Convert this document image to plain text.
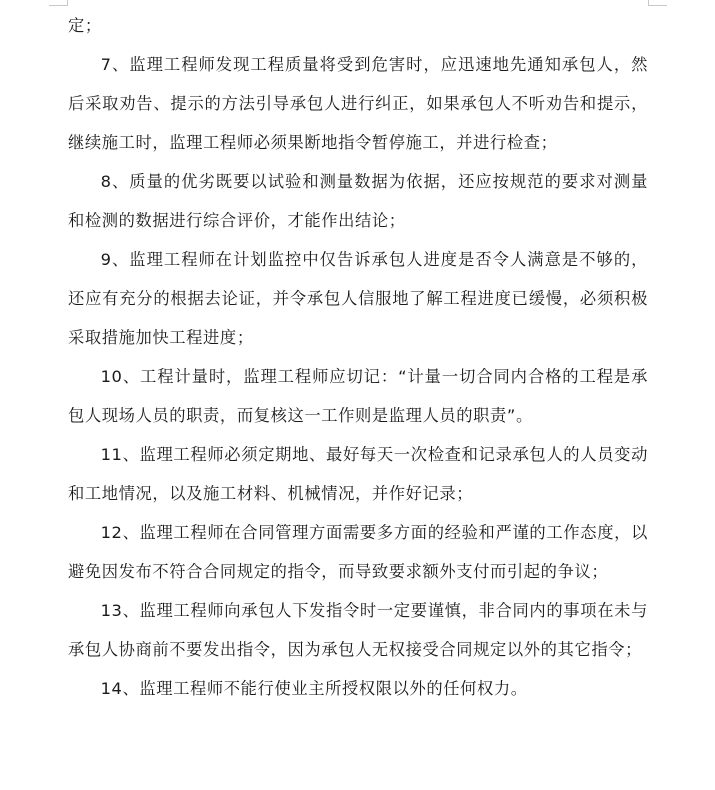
定；

7、监理工程师发现工程质量将受到危害时，应迅速地先通知承包人，然后采取劝告、提示的方法引导承包人进行纠正，如果承包人不听劝告和提示，继续施工时，监理工程师必须果断地指令暂停施工，并进行检查；

8、质量的优劣既要以试验和测量数据为依据，还应按规范的要求对测量和检测的数据进行综合评价，才能作出结论；

9、监理工程师在计划监控中仅告诉承包人进度是否令人满意是不够的，还应有充分的根据去论证，并令承包人信服地了解工程进度已缓慢，必须积极采取措施加快工程进度；

10、工程计量时，监理工程师应切记：“计量一切合同内合格的工程是承包人现场人员的职责，而复核这一工作则是监理人员的职责”。

11、监理工程师必须定期地、最好每天一次检查和记录承包人的人员变动和工地情况，以及施工材料、机械情况，并作好记录；

12、监理工程师在合同管理方面需要多方面的经验和严谨的工作态度，以避免因发布不符合合同规定的指令，而导致要求额外支付而引起的争议；

13、监理工程师向承包人下发指令时一定要谨慎，非合同内的事项在未与承包人协商前不要发出指令，因为承包人无权接受合同规定以外的其它指令；

14、监理工程师不能行使业主所授权限以外的任何权力。
